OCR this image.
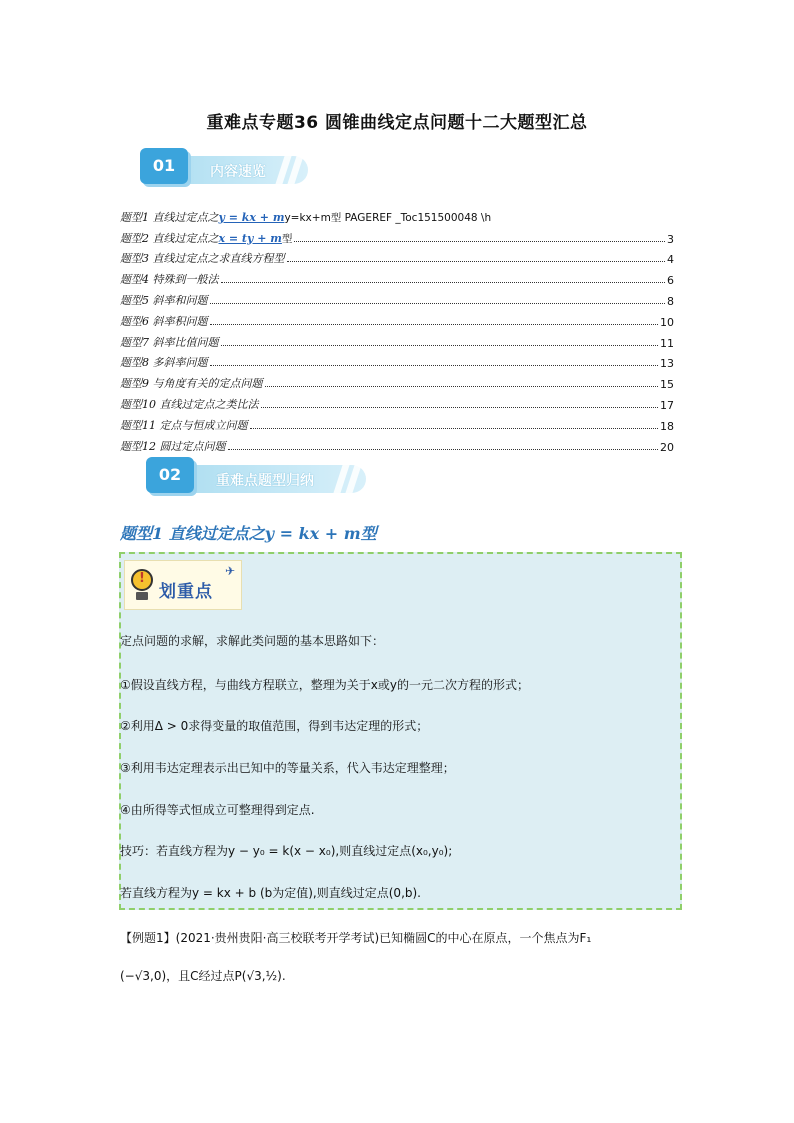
重难点专题36 圆锥曲线定点问题十二大题型汇总
内容速览
01
题型1 直线过定点之y = kx + my=kx+m型 PAGEREF _Toc151500048 \h
题型2 直线过定点之x = ty + m型	3
题型3 直线过定点之求直线方程型	4
题型4 特殊到一般法	6
题型5 斜率和问题	8
题型6 斜率积问题	10
题型7 斜率比值问题	11
题型8 多斜率问题	13
题型9 与角度有关的定点问题	15
题型10 直线过定点之类比法	17
题型11 定点与恒成立问题	18
题型12 圆过定点问题	20
重难点题型归纳
02
题型1 直线过定点之y = kx + m型
!
划重点
✈
定点问题的求解，求解此类问题的基本思路如下：
①假设直线方程，与曲线方程联立，整理为关于x或y的一元二次方程的形式；
②利用Δ > 0求得变量的取值范围，得到韦达定理的形式；
③利用韦达定理表示出已知中的等量关系，代入韦达定理整理；
④由所得等式恒成立可整理得到定点.
技巧：若直线方程为y − y₀ = k(x − x₀),则直线过定点(x₀,y₀);
若直线方程为y = kx + b (b为定值),则直线过定点(0,b).
【例题1】(2021·贵州贵阳·高三校联考开学考试)已知椭圆C的中心在原点，一个焦点为F₁
(−√3,0)，且C经过点P(√3,½).
